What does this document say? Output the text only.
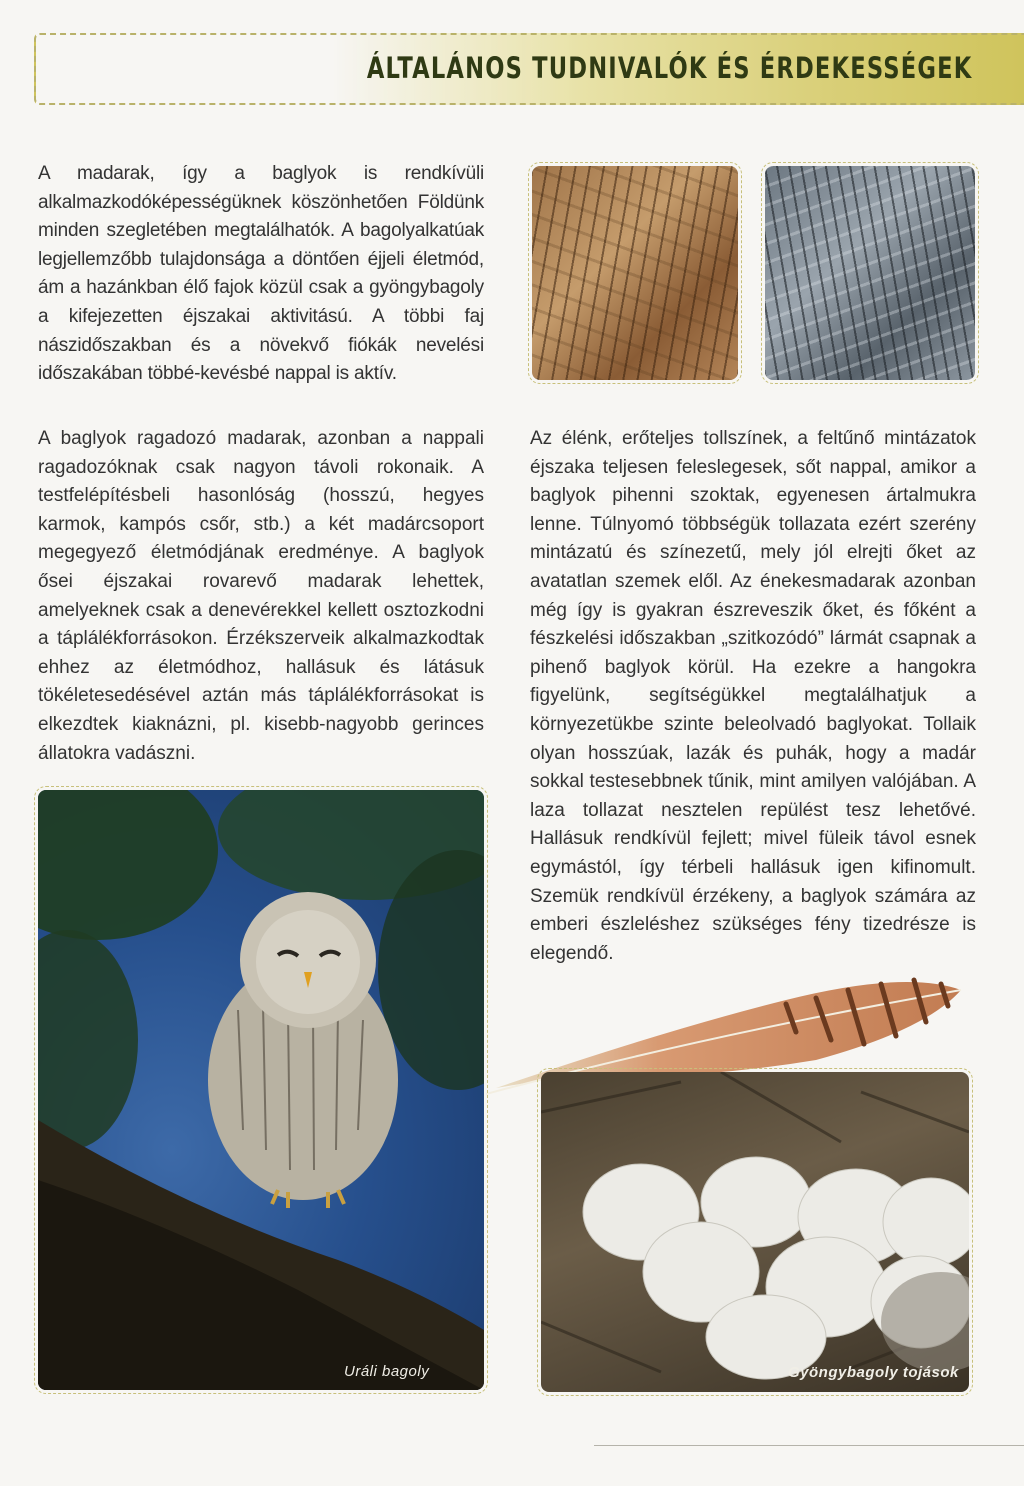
ÁLTALÁNOS TUDNIVALÓK ÉS ÉRDEKESSÉGEK

A madarak, így a baglyok is rendkívüli alkalmazkodóképességüknek köszönhetően Földünk minden szegletében megtalálhatók. A bagolyalkatúak legjellemzőbb tulajdonsága a döntően éjjeli életmód, ám a hazánkban élő fajok közül csak a gyöngybagoly a kifejezetten éjszakai aktivitású. A többi faj nászidőszakban és a növekvő fiókák nevelési időszakában többé-kevésbé nappal is aktív.

A baglyok ragadozó madarak, azonban a nappali ragadozóknak csak nagyon távoli rokonaik. A testfelépítésbeli hasonlóság (hosszú, hegyes karmok, kampós csőr, stb.) a két madárcsoport megegyező életmódjának eredménye. A baglyok ősei éjszakai rovarevő madarak lehettek, amelyeknek csak a denevérekkel kellett osztozkodni a táplálékforrásokon. Érzékszerveik alkalmazkodtak ehhez az életmódhoz, hallásuk és látásuk tökéletesedésével aztán más táplálékforrásokat is elkezdtek kiaknázni, pl. kisebb-nagyobb gerinces állatokra vadászni.

Az élénk, erőteljes tollszínek, a feltűnő mintázatok éjszaka teljesen feleslegesek, sőt nappal, amikor a baglyok pihenni szoktak, egyenesen ártalmukra lenne. Túlnyomó többségük tollazata ezért szerény mintázatú és színezetű, mely jól elrejti őket az avatatlan szemek elől. Az énekesmadarak azonban még így is gyakran észreveszik őket, és főként a fészkelési időszakban „szitkozódó” lármát csapnak a pihenő baglyok körül. Ha ezekre a hangokra figyelünk, segítségükkel megtalálhatjuk a környezetükbe szinte beleolvadó baglyokat. Tollaik olyan hosszúak, lazák és puhák, hogy a madár sokkal testesebbnek tűnik, mint amilyen valójában. A laza tollazat nesztelen repülést tesz lehetővé. Hallásuk rendkívül fejlett; mivel füleik távol esnek egymástól, így térbeli hallásuk igen kifinomult. Szemük rendkívül érzékeny, a baglyok számára az emberi észleléshez szükséges fény tizedrésze is elegendő.

Uráli bagoly	Gyöngybagoly tojások
